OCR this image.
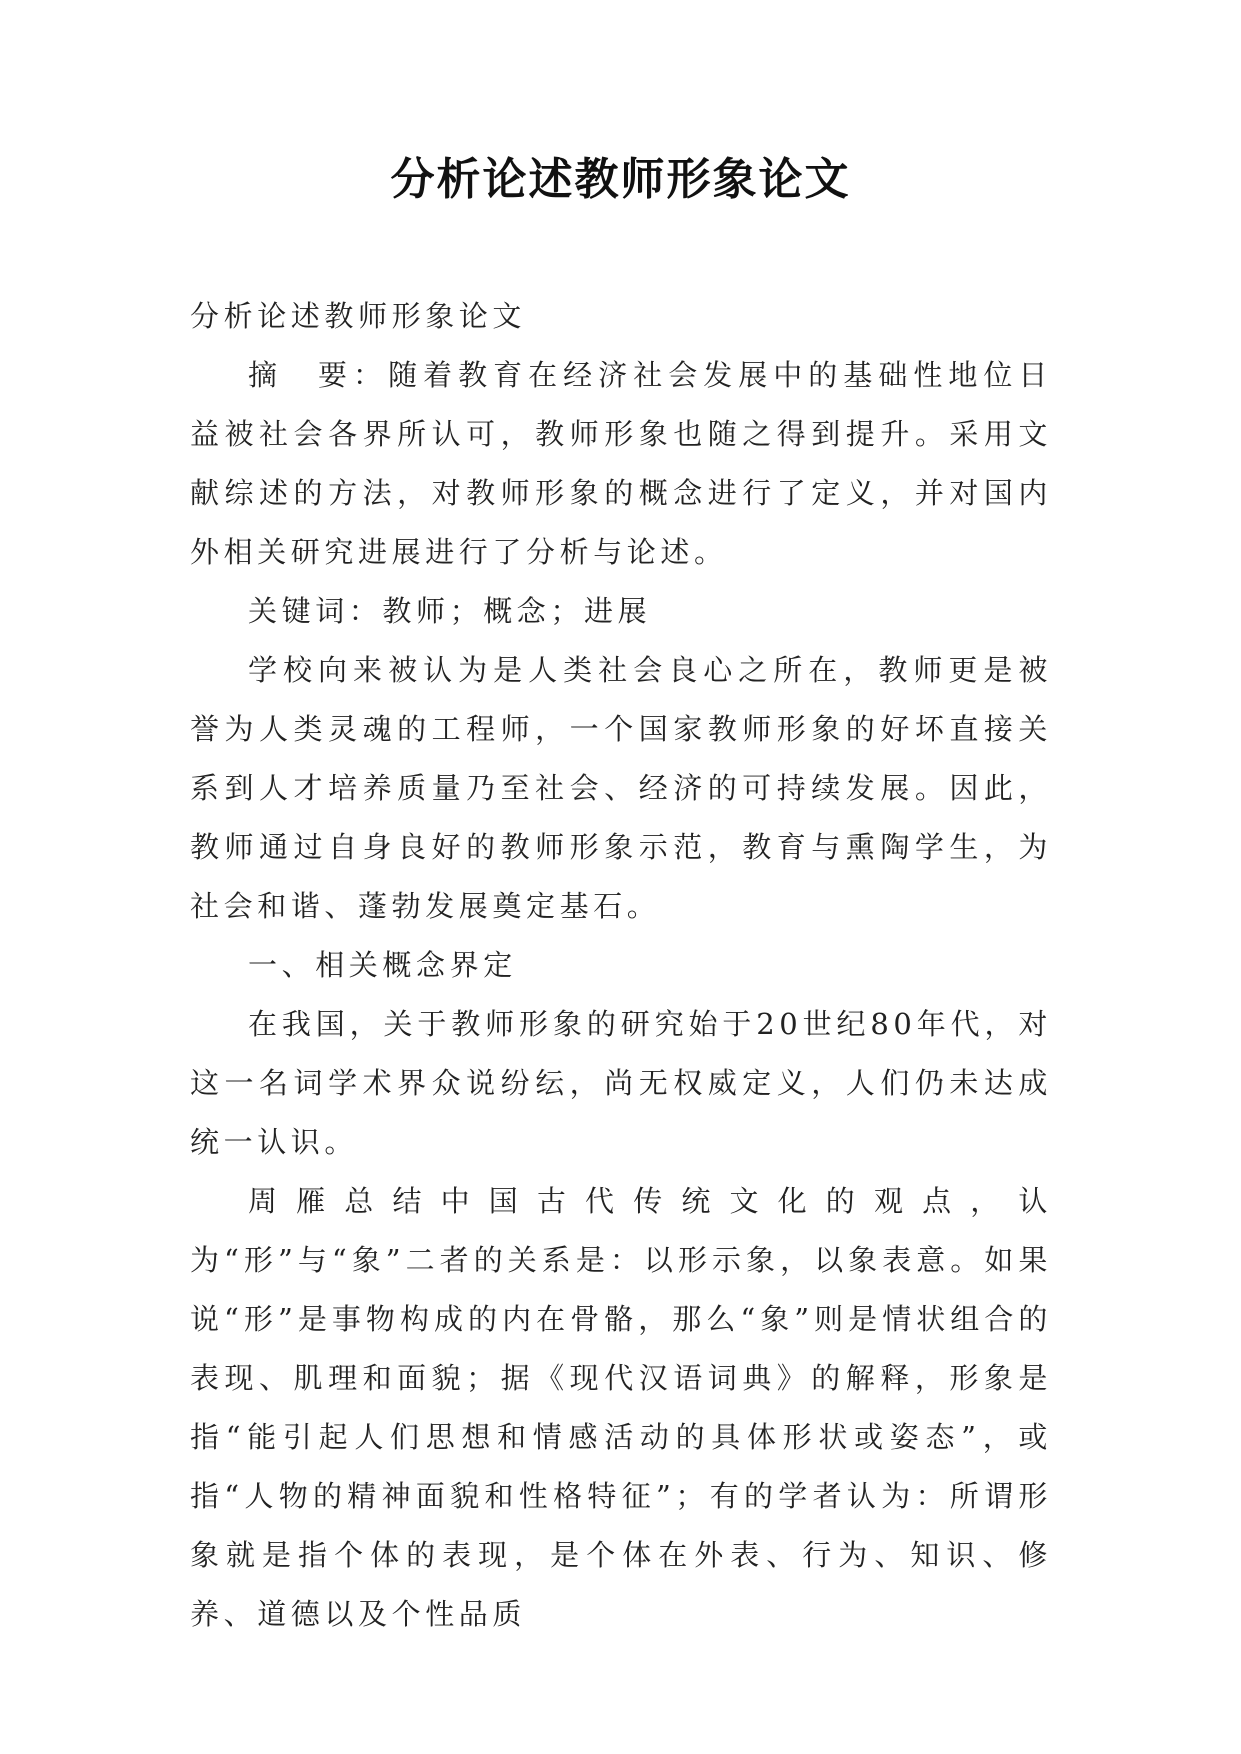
分析论述教师形象论文

分析论述教师形象论文

摘　要：随着教育在经济社会发展中的基础性地位日益被社会各界所认可，教师形象也随之得到提升。采用文献综述的方法，对教师形象的概念进行了定义，并对国内外相关研究进展进行了分析与论述。

关键词：教师；概念；进展

学校向来被认为是人类社会良心之所在，教师更是被誉为人类灵魂的工程师，一个国家教师形象的好坏直接关系到人才培养质量乃至社会、经济的可持续发展。因此，教师通过自身良好的教师形象示范，教育与熏陶学生，为社会和谐、蓬勃发展奠定基石。

一、相关概念界定

在我国，关于教师形象的研究始于20世纪80年代，对这一名词学术界众说纷纭，尚无权威定义，人们仍未达成统一认识。

周雁总结中国古代传统文化的观点，认为“形”与“象”二者的关系是：以形示象，以象表意。如果说“形”是事物构成的内在骨骼，那么“象”则是情状组合的表现、肌理和面貌；据《现代汉语词典》的解释，形象是指“能引起人们思想和情感活动的具体形状或姿态”，或指“人物的精神面貌和性格特征”；有的学者认为：所谓形象就是指个体的表现，是个体在外表、行为、知识、修养、道德以及个性品质
